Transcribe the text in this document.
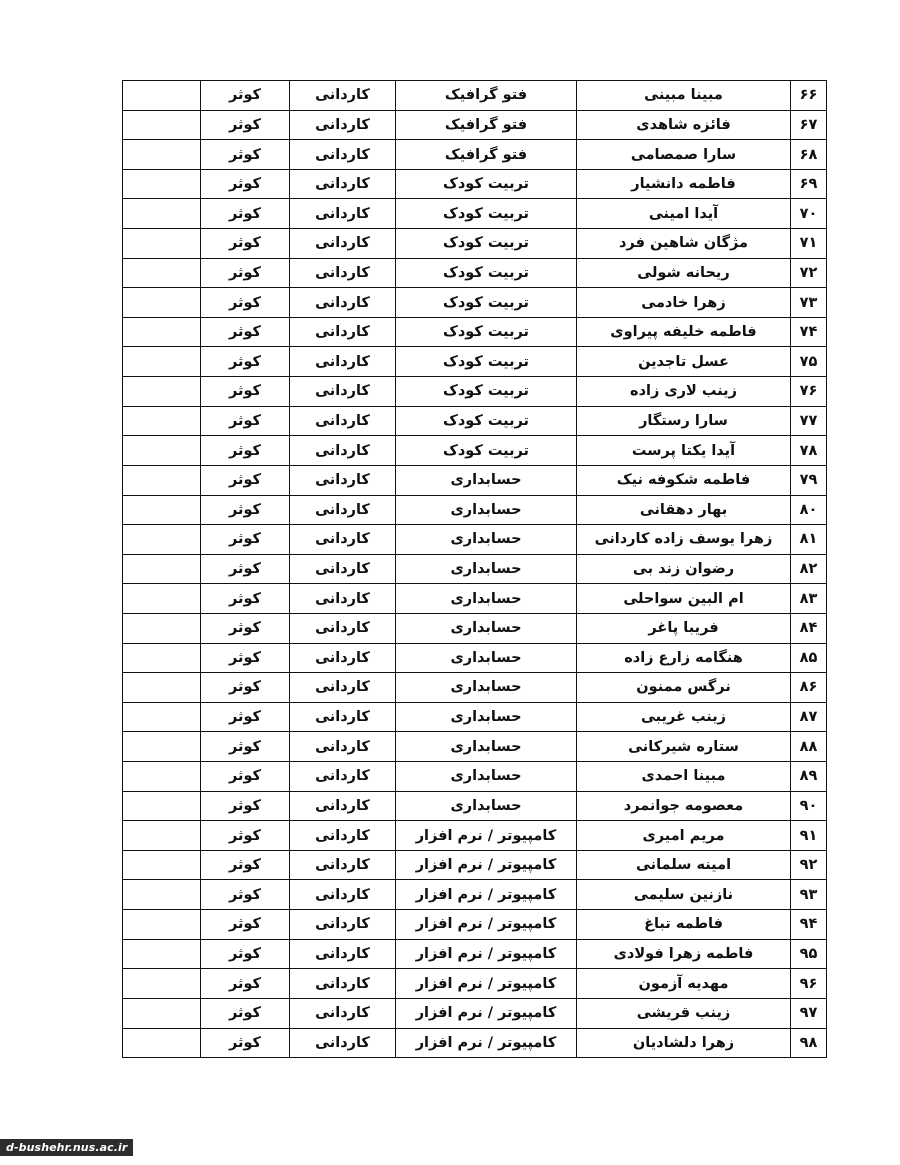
۶۶	مبینا مبینی	فتو گرافیک	کاردانی	کوثر	
۶۷	فائزه شاهدی	فتو گرافیک	کاردانی	کوثر	
۶۸	سارا صمصامی	فتو گرافیک	کاردانی	کوثر	
۶۹	فاطمه دانشیار	تربیت کودک	کاردانی	کوثر	
۷۰	آیدا امینی	تربیت کودک	کاردانی	کوثر	
۷۱	مژگان شاهین فرد	تربیت کودک	کاردانی	کوثر	
۷۲	ریحانه شولی	تربیت کودک	کاردانی	کوثر	
۷۳	زهرا خادمی	تربیت کودک	کاردانی	کوثر	
۷۴	فاطمه خلیفه پیراوی	تربیت کودک	کاردانی	کوثر	
۷۵	عسل تاجدین	تربیت کودک	کاردانی	کوثر	
۷۶	زینب لاری زاده	تربیت کودک	کاردانی	کوثر	
۷۷	سارا رستگار	تربیت کودک	کاردانی	کوثر	
۷۸	آیدا یکتا پرست	تربیت کودک	کاردانی	کوثر	
۷۹	فاطمه شکوفه نیک	حسابداری	کاردانی	کوثر	
۸۰	بهار دهقانی	حسابداری	کاردانی	کوثر	
۸۱	زهرا یوسف زاده کاردانی	حسابداری	کاردانی	کوثر	
۸۲	رضوان زند بی	حسابداری	کاردانی	کوثر	
۸۳	ام البین سواحلی	حسابداری	کاردانی	کوثر	
۸۴	فریبا پاغر	حسابداری	کاردانی	کوثر	
۸۵	هنگامه زارع زاده	حسابداری	کاردانی	کوثر	
۸۶	نرگس ممنون	حسابداری	کاردانی	کوثر	
۸۷	زینب غریبی	حسابداری	کاردانی	کوثر	
۸۸	ستاره شیرکانی	حسابداری	کاردانی	کوثر	
۸۹	مبینا احمدی	حسابداری	کاردانی	کوثر	
۹۰	معصومه جوانمرد	حسابداری	کاردانی	کوثر	
۹۱	مریم امیری	کامپیوتر / نرم افزار	کاردانی	کوثر	
۹۲	امینه سلمانی	کامپیوتر / نرم افزار	کاردانی	کوثر	
۹۳	نازنین سلیمی	کامپیوتر / نرم افزار	کاردانی	کوثر	
۹۴	فاطمه تباغ	کامپیوتر / نرم افزار	کاردانی	کوثر	
۹۵	فاطمه زهرا فولادی	کامپیوتر / نرم افزار	کاردانی	کوثر	
۹۶	مهدیه آزمون	کامپیوتر / نرم افزار	کاردانی	کوثر	
۹۷	زینب قریشی	کامپیوتر / نرم افزار	کاردانی	کوثر	
۹۸	زهرا دلشادیان	کامپیوتر / نرم افزار	کاردانی	کوثر	
d-bushehr.nus.ac.ir
